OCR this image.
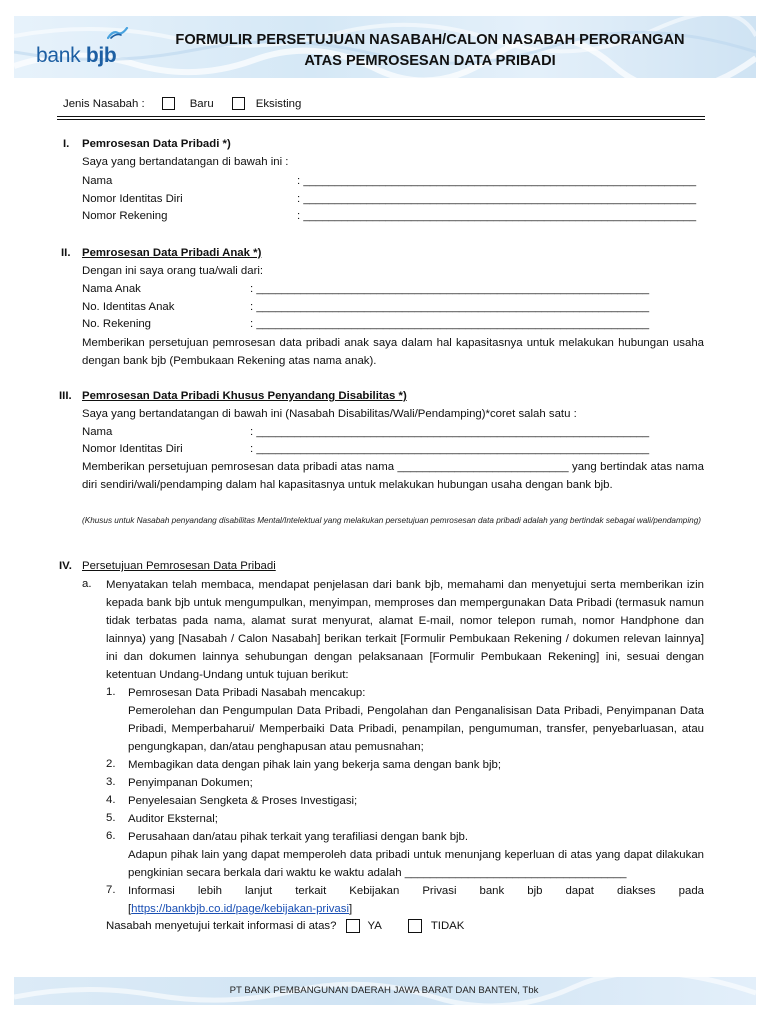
bank bjb
FORMULIR PERSETUJUAN NASABAH/CALON NASABAH PERORANGAN
ATAS PEMROSESAN DATA PRIBADI
Jenis Nasabah :	Baru	Eksisting
I. Pemrosesan Data Pribadi *)
Saya yang bertandatangan di bawah ini :
Nama	: ______________________________________________________________
Nomor Identitas Diri	: ______________________________________________________________
Nomor Rekening	: ______________________________________________________________
II. Pemrosesan Data Pribadi Anak *)
Dengan ini saya orang tua/wali dari:
Nama Anak	: ______________________________________________________________
No. Identitas Anak	: ______________________________________________________________
No. Rekening	: ______________________________________________________________
Memberikan persetujuan pemrosesan data pribadi anak saya dalam hal kapasitasnya untuk melakukan hubungan usaha dengan bank bjb (Pembukaan Rekening atas nama anak).
III. Pemrosesan Data Pribadi Khusus Penyandang Disabilitas *)
Saya yang bertandatangan di bawah ini (Nasabah Disabilitas/Wali/Pendamping)*coret salah satu :
Nama	: ______________________________________________________________
Nomor Identitas Diri	: ______________________________________________________________
Memberikan persetujuan pemrosesan data pribadi atas nama ___________________________ yang bertindak atas nama diri sendiri/wali/pendamping dalam hal kapasitasnya untuk melakukan hubungan usaha dengan bank bjb.
(Khusus untuk Nasabah penyandang disabilitas Mental/Intelektual yang melakukan persetujuan pemrosesan data pribadi adalah yang bertindak sebagai wali/pendamping)
IV. Persetujuan Pemrosesan Data Pribadi
a. Menyatakan telah membaca, mendapat penjelasan dari bank bjb, memahami dan menyetujui serta memberikan izin kepada bank bjb untuk mengumpulkan, menyimpan, memproses dan mempergunakan Data Pribadi (termasuk namun tidak terbatas pada nama, alamat surat menyurat, alamat E-mail, nomor telepon rumah, nomor Handphone dan lainnya) yang [Nasabah / Calon Nasabah] berikan terkait [Formulir Pembukaan Rekening / dokumen relevan lainnya] ini dan dokumen lainnya sehubungan dengan pelaksanaan [Formulir Pembukaan Rekening] ini, sesuai dengan ketentuan Undang-Undang untuk tujuan berikut:
1. Pemrosesan Data Pribadi Nasabah mencakup:
Pemerolehan dan Pengumpulan Data Pribadi, Pengolahan dan Penganalisisan Data Pribadi, Penyimpanan Data Pribadi, Memperbaharui/ Memperbaiki Data Pribadi, penampilan, pengumuman, transfer, penyebarluasan, atau pengungkapan, dan/atau penghapusan atau pemusnahan;
2. Membagikan data dengan pihak lain yang bekerja sama dengan bank bjb;
3. Penyimpanan Dokumen;
4. Penyelesaian Sengketa & Proses Investigasi;
5. Auditor Eksternal;
6. Perusahaan dan/atau pihak terkait yang terafiliasi dengan bank bjb.
Adapun pihak lain yang dapat memperoleh data pribadi untuk menunjang keperluan di atas yang dapat dilakukan pengkinian secara berkala dari waktu ke waktu adalah ___________________________________
7. Informasi lebih lanjut terkait Kebijakan Privasi bank bjb dapat diakses pada
[https://bankbjb.co.id/page/kebijakan-privasi]
Nasabah menyetujui terkait informasi di atas?	YA	TIDAK
PT BANK PEMBANGUNAN DAERAH JAWA BARAT DAN BANTEN, Tbk
